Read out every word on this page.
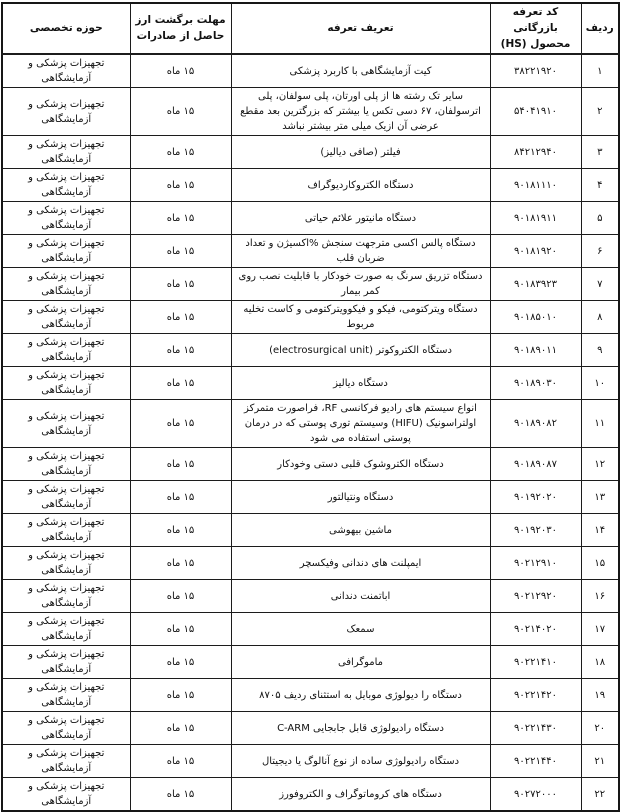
ردیف	کد تعرفه بازرگانی محصول (HS)	تعریف تعرفه	مهلت برگشت ارز حاصل از صادرات	حوزه تخصصی
۱	۳۸۲۲۱۹۲۰	کیت آزمایشگاهی با کاربرد پزشکی	۱۵ ماه	تجهیزات پزشکی و آزمایشگاهی
۲	۵۴۰۴۱۹۱۰	سایر تک رشته ها از پلی اورتان، پلی سولفان، پلی اترسولفان، ۶۷ دسی تکس یا بیشتر که بزرگترین بعد مقطع عرضی آن ازیک میلی متر بیشتر نباشد	۱۵ ماه	تجهیزات پزشکی و آزمایشگاهی
۳	۸۴۲۱۲۹۴۰	فیلتر (صافی دیالیز)	۱۵ ماه	تجهیزات پزشکی و آزمایشگاهی
۴	۹۰۱۸۱۱۱۰	دستگاه الکتروکاردیوگراف	۱۵ ماه	تجهیزات پزشکی و آزمایشگاهی
۵	۹۰۱۸۱۹۱۱	دستگاه مانیتور علائم حیاتی	۱۵ ماه	تجهیزات پزشکی و آزمایشگاهی
۶	۹۰۱۸۱۹۲۰	دستگاه پالس اکسی مترجهت سنجش %اکسیژن و تعداد ضربان قلب	۱۵ ماه	تجهیزات پزشکی و آزمایشگاهی
۷	۹۰۱۸۳۹۲۳	دستگاه تزریق سرنگ به صورت خودکار با قابلیت نصب روی کمر بیمار	۱۵ ماه	تجهیزات پزشکی و آزمایشگاهی
۸	۹۰۱۸۵۰۱۰	دستگاه ویترکتومی، فیکو و فیکوویترکتومی و کاست تخلیه مربوط	۱۵ ماه	تجهیزات پزشکی و آزمایشگاهی
۹	۹۰۱۸۹۰۱۱	دستگاه الکتروکوتر (electrosurgical unit)	۱۵ ماه	تجهیزات پزشکی و آزمایشگاهی
۱۰	۹۰۱۸۹۰۳۰	دستگاه دیالیز	۱۵ ماه	تجهیزات پزشکی و آزمایشگاهی
۱۱	۹۰۱۸۹۰۸۲	انواع سیستم های رادیو فرکانسی RF، فراصورت متمرکز اولتراسونیک (HIFU) وسیستم توری پوستی که در درمان پوستی استفاده می شود	۱۵ ماه	تجهیزات پزشکی و آزمایشگاهی
۱۲	۹۰۱۸۹۰۸۷	دستگاه الکتروشوک قلبی دستی وخودکار	۱۵ ماه	تجهیزات پزشکی و آزمایشگاهی
۱۳	۹۰۱۹۲۰۲۰	دستگاه ونتیالتور	۱۵ ماه	تجهیزات پزشکی و آزمایشگاهی
۱۴	۹۰۱۹۲۰۳۰	ماشین بیهوشی	۱۵ ماه	تجهیزات پزشکی و آزمایشگاهی
۱۵	۹۰۲۱۲۹۱۰	ایمپلنت های دندانی وفیکسچر	۱۵ ماه	تجهیزات پزشکی و آزمایشگاهی
۱۶	۹۰۲۱۲۹۲۰	اباتمنت دندانی	۱۵ ماه	تجهیزات پزشکی و آزمایشگاهی
۱۷	۹۰۲۱۴۰۲۰	سمعک	۱۵ ماه	تجهیزات پزشکی و آزمایشگاهی
۱۸	۹۰۲۲۱۴۱۰	ماموگرافی	۱۵ ماه	تجهیزات پزشکی و آزمایشگاهی
۱۹	۹۰۲۲۱۴۲۰	دستگاه را دیولوژی موبایل به استثنای ردیف ۸۷۰۵	۱۵ ماه	تجهیزات پزشکی و آزمایشگاهی
۲۰	۹۰۲۲۱۴۳۰	دستگاه رادیولوژی قابل جابجایی C-ARM	۱۵ ماه	تجهیزات پزشکی و آزمایشگاهی
۲۱	۹۰۲۲۱۴۴۰	دستگاه رادیولوژی ساده از نوع آنالوگ یا دیجیتال	۱۵ ماه	تجهیزات پزشکی و آزمایشگاهی
۲۲	۹۰۲۷۲۰۰۰	دستگاه های کروماتوگراف و الکتروفورز	۱۵ ماه	تجهیزات پزشکی و آزمایشگاهی
